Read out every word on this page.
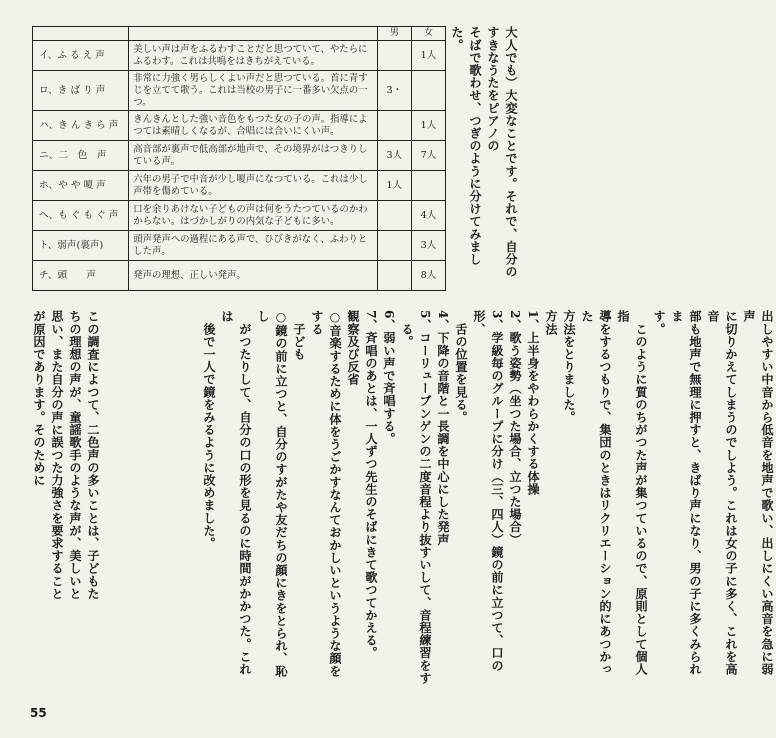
		男	女
イ、ふ る え 声	美しい声は声をふるわすことだと思つていて、やたらにふるわす。これは共鳴をはきちがえている。		1人
ロ、き ば り 声	非常に力強く男らしくよい声だと思つている。首に青すじを立てて歌う。これは当校の男子に一番多い欠点の一つ。	3・	
ハ、き ん き ら 声	きんきんとした強い音色をもつた女の子の声。指導によつては素晴しくなるが、合唱には合いにくい声。		1人
ニ、二　色　声	高音部が裏声で低高部が地声で、その境界がはつきりしている声。	3人	7人
ホ、や や 嗄 声	六年の男子で中音が少し嗄声になつている。これは少し声帯を傷めている。	1人	
へ、も ぐ も ぐ 声	口を余りあけない子どもの声は何をうたつているのかわからない。はづかしがりの内気な子どもに多い。		4人
ト、弱声(裏声)	頭声発声への過程にある声で、ひびきがなく、ふわりとした声。		3人
チ、頭　　声	発声の理想、正しい発声。		8人	大人でも）大変なことです。それで、自分のすきなうたをピアノの
そばで歌わせ、つぎのように分けてみました。
この調査によつて、二色声の多いことは、子どもたちの理想の声が、童謡歌手のような声が、美しいと思い、また自分の声に誤つた力強さを要求することが原因であります。そのために	出しやすい中音から低音を地声で歌い、出しにくい高音を急に弱声
に切りかえてしまうのでしよう。これは女の子に多く、これを高音
部も地声で無理に押すと、きばり声になり、男の子に多くみられま
す。
　このように質のちがつた声が集つているので、原則として個人指
導をするつもりで、集団のときはリクリエーション的にあつかった
方法をとりました。
方法
1、上半身をやわらかくする体操
2、歌う姿勢（坐つた場合、立つた場合）
3、学級毎のグループに分け（三、四人）鏡の前に立つて、口の形、
　舌の位置を見る。
4、下降の音階と一長調を中心にした発声
5、コーリューブンゲンの二度音程より抜すいして、音程練習をす
　る。
6、弱い声で斉唱する。
7、斉唱のあとは、一人ずつ先生のそばにきて歌つてかえる。
観察及び反省
○音楽するために体をうごかすなんておかしいというような顔をする
　子ども
○鏡の前に立つと、自分のすがたや友だちの顔にきをとられ、恥し
　がつたりして、自分の口の形を見るのに時間がかかつた。これは
　後で一人で鏡をみるように改めました。
55
